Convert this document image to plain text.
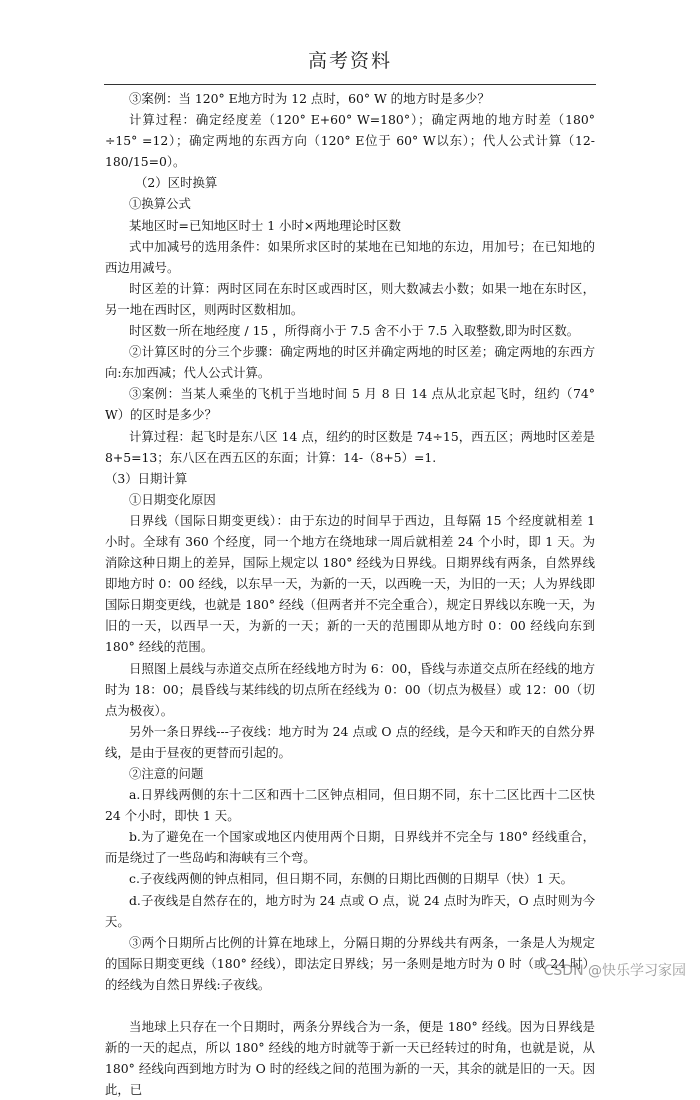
高考资料

③案例：当 120° E地方时为 12 点时，60° W 的地方时是多少？

计算过程：确定经度差（120° E+60° W=180°）；确定两地的地方时差（180° ÷15° =12）；确定两地的东西方向（120° E位于 60° W以东）；代人公式计算（12-180/15=0）。

（2）区时换算

①换算公式

某地区时=已知地区时士 1 小时×两地理论时区数

式中加减号的选用条件：如果所求区时的某地在已知地的东边，用加号；在已知地的西边用减号。

时区差的计算：两时区同在东时区或西时区，则大数减去小数；如果一地在东时区，另一地在西时区，则两时区数相加。

时区数一所在地经度 / 15 ，所得商小于 7.5 舍不小于 7.5 入取整数,即为时区数。

②计算区时的分三个步骤：确定两地的时区并确定两地的时区差；确定两地的东西方向:东加西减；代人公式计算。

③案例：当某人乘坐的飞机于当地时间 5 月 8 日 14 点从北京起飞时，纽约（74° W）的区时是多少？

计算过程：起飞时是东八区 14 点，纽约的时区数是 74÷15，西五区；两地时区差是 8+5=13；东八区在西五区的东面；计算：14-（8+5）=1.

（3）日期计算

①日期变化原因

日界线（国际日期变更线）：由于东边的时间早于西边，且每隔 15 个经度就相差 1 小时。全球有 360 个经度，同一个地方在绕地球一周后就相差 24 个小时，即 1 天。为消除这种日期上的差异，国际上规定以 180° 经线为日界线。日期界线有两条，自然界线即地方时 0：00 经线，以东早一天，为新的一天，以西晚一天，为旧的一天；人为界线即国际日期变更线，也就是 180° 经线（但两者并不完全重合），规定日界线以东晚一天，为旧的一天，以西早一天，为新的一天；新的一天的范围即从地方时 0：00 经线向东到 180° 经线的范围。

日照图上晨线与赤道交点所在经线地方时为 6：00，昏线与赤道交点所在经线的地方时为 18：00；晨昏线与某纬线的切点所在经线为 0：00（切点为极昼）或 12：00（切点为极夜）。

另外一条日界线---子夜线：地方时为 24 点或 O 点的经线，是今天和昨天的自然分界线，是由于昼夜的更替而引起的。

②注意的问题

a.日界线两侧的东十二区和西十二区钟点相同，但日期不同，东十二区比西十二区快 24 个小时，即快 1 天。

b.为了避免在一个国家或地区内使用两个日期，日界线并不完全与 180° 经线重合，而是绕过了一些岛屿和海峡有三个弯。

c.子夜线两侧的钟点相同，但日期不同，东侧的日期比西侧的日期早（快）1 天。

d.子夜线是自然存在的，地方时为 24 点或 O 点，说 24 点时为昨天，O 点时则为今天。

③两个日期所占比例的计算在地球上，分隔日期的分界线共有两条，一条是人为规定的国际日期变更线（180° 经线），即法定日界线；另一条则是地方时为 0 时（或 24 时）的经线为自然日界线:子夜线。

当地球上只存在一个日期时，两条分界线合为一条，便是 180° 经线。因为日界线是新的一天的起点，所以 180° 经线的地方时就等于新一天已经转过的时角，也就是说，从 180° 经线向西到地方时为 O 时的经线之间的范围为新的一天，其余的就是旧的一天。因此，已

CSDN @快乐学习家园
